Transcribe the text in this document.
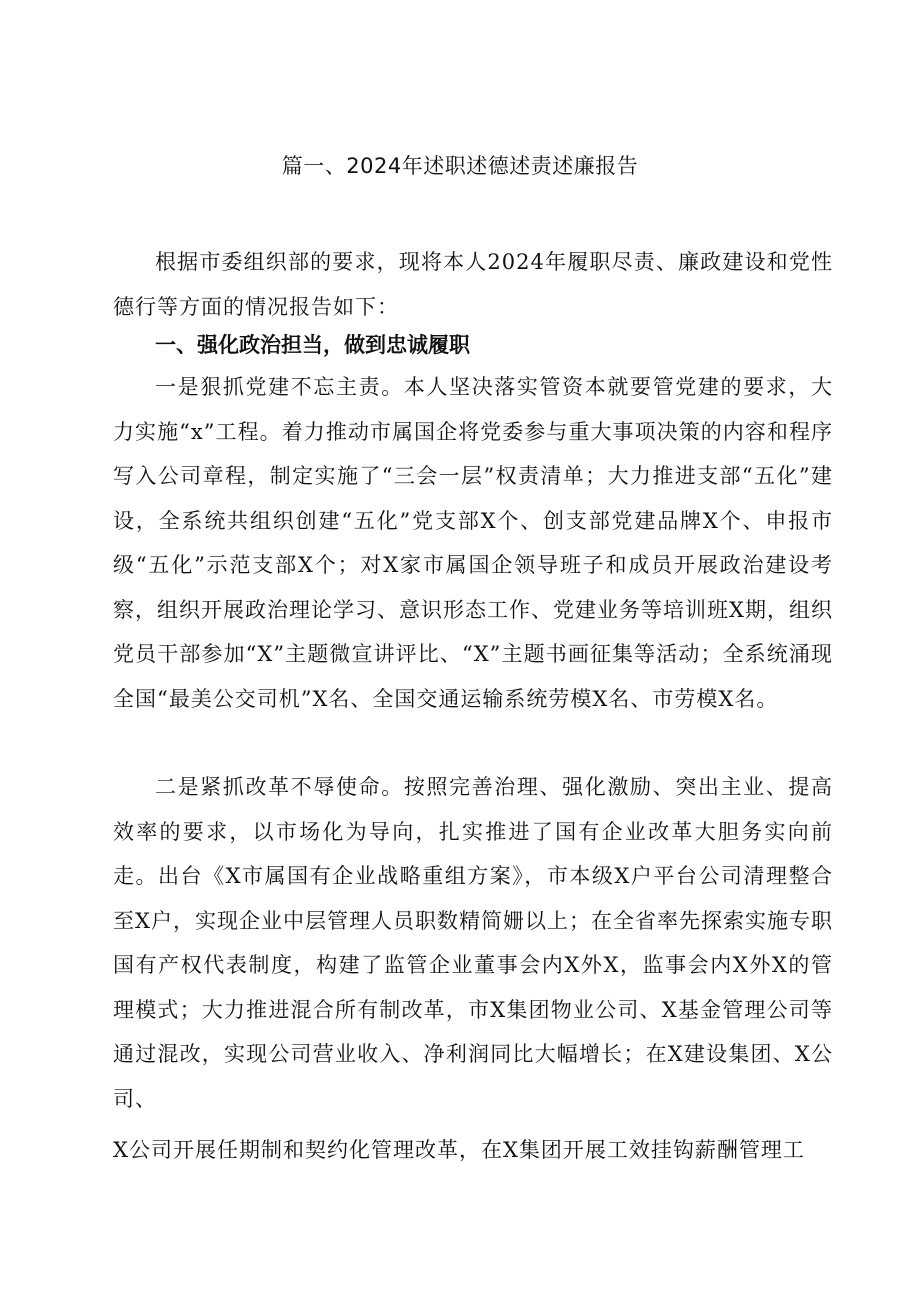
篇一、2024年述职述德述责述廉报告

根据市委组织部的要求，现将本人2024年履职尽责、廉政建设和党性德行等方面的情况报告如下：

一、强化政治担当，做到忠诚履职

一是狠抓党建不忘主责。本人坚决落实管资本就要管党建的要求，大力实施“x”工程。着力推动市属国企将党委参与重大事项决策的内容和程序写入公司章程，制定实施了“三会一层”权责清单；大力推进支部“五化”建设，全系统共组织创建“五化”党支部X个、创支部党建品牌X个、申报市级“五化”示范支部X个；对X家市属国企领导班子和成员开展政治建设考察，组织开展政治理论学习、意识形态工作、党建业务等培训班X期，组织党员干部参加“X”主题微宣讲评比、“X”主题书画征集等活动；全系统涌现全国“最美公交司机”X名、全国交通运输系统劳模X名、市劳模X名。

二是紧抓改革不辱使命。按照完善治理、强化激励、突出主业、提高效率的要求，以市场化为导向，扎实推进了国有企业改革大胆务实向前走。出台《X市属国有企业战略重组方案》，市本级X户平台公司清理整合至X户，实现企业中层管理人员职数精简姗以上；在全省率先探索实施专职国有产权代表制度，构建了监管企业董事会内X外X，监事会内X外X的管理模式；大力推进混合所有制改革，市X集团物业公司、X基金管理公司等通过混改，实现公司营业收入、净利润同比大幅增长；在X建设集团、X公司、

X公司开展任期制和契约化管理改革，在X集团开展工效挂钩薪酬管理工
